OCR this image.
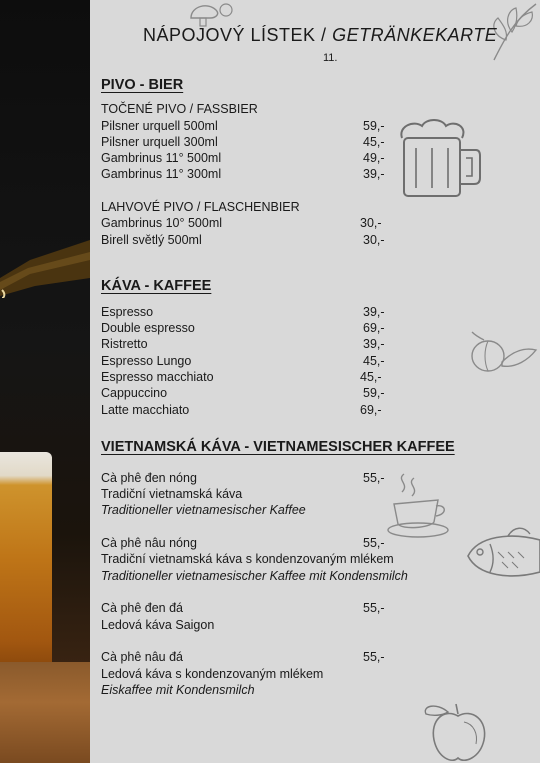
NÁPOJOVÝ LÍSTEK / GETRÄNKEKARTE
11.
PIVO - BIER
TOČENÉ PIVO / FASSBIER
Pilsner urquell 500ml	59,-
Pilsner urquell 300ml	45,-
Gambrinus 11° 500ml	49,-
Gambrinus 11° 300ml	39,-
LAHVOVÉ PIVO / FLASCHENBIER
Gambrinus 10° 500ml	30,-
Birell světlý 500ml	30,-
KÁVA - KAFFEE
Espresso	39,-
Double espresso	69,-
Ristretto	39,-
Espresso Lungo	45,-
Espresso macchiato	45,-
Cappuccino	59,-
Latte macchiato	69,-
VIETNAMSKÁ KÁVA - VIETNAMESISCHER KAFFEE
Cà phê đen nóng	55,-
Tradiční vietnamská káva
Traditioneller vietnamesischer Kaffee
Cà phê nâu nóng	55,-
Tradiční vietnamská káva s kondenzovaným mlékem
Traditioneller vietnamesischer Kaffee mit Kondensmilch
Cà phê đen đá	55,-
Ledová káva Saigon
Cà phê nâu đá	55,-
Ledová káva s kondenzovaným mlékem
Eiskaffee mit Kondensmilch
